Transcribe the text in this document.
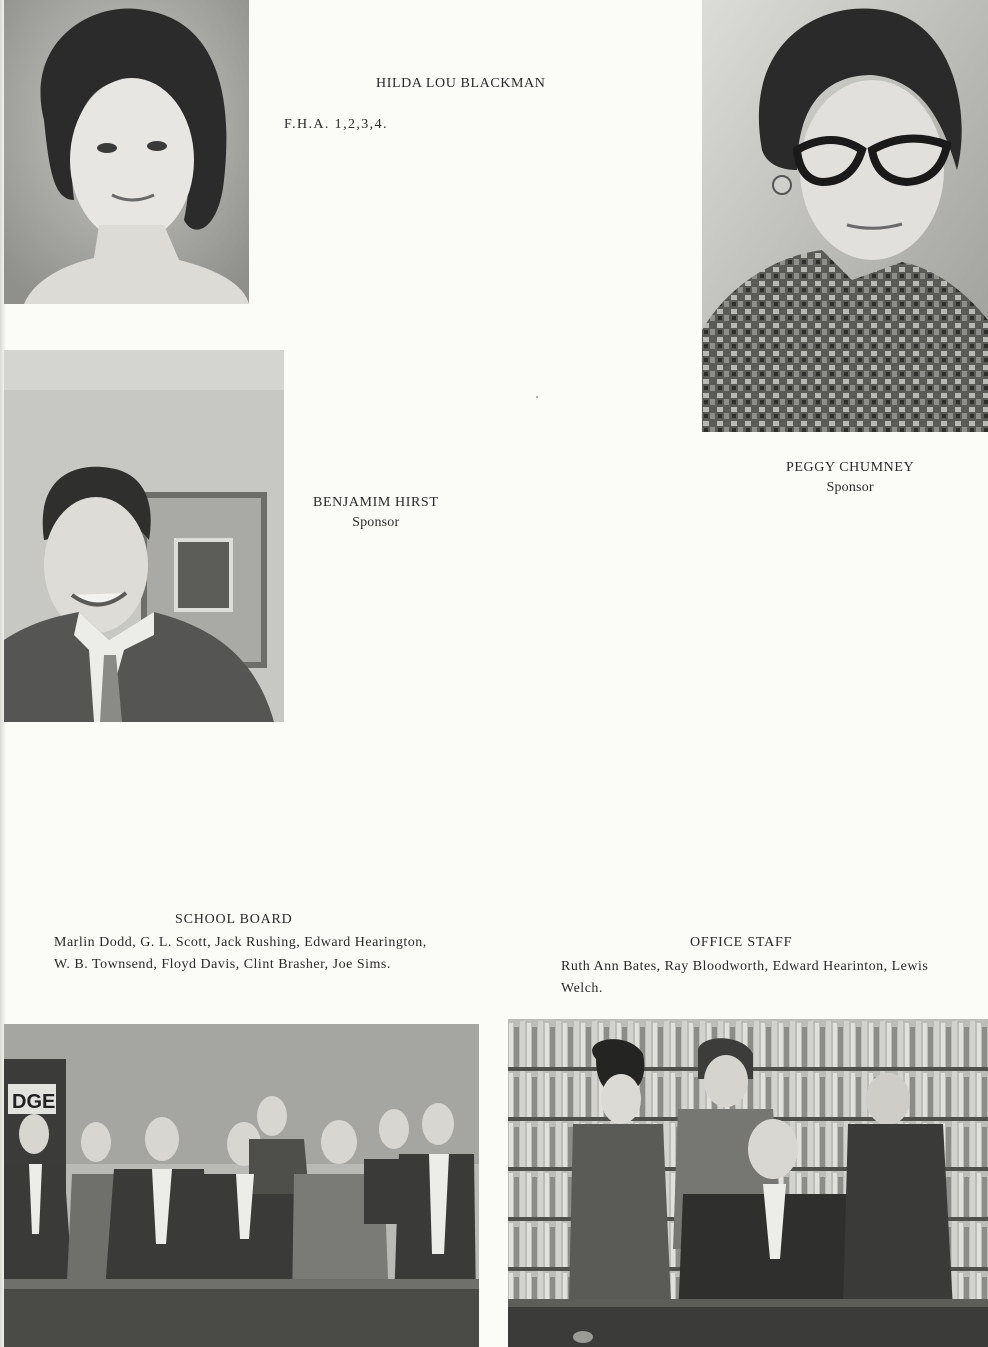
HILDA LOU BLACKMAN
F.H.A. 1,2,3,4.
PEGGY CHUMNEY
Sponsor
BENJAMIM HIRST
Sponsor
SCHOOL BOARD
Marlin Dodd, G. L. Scott, Jack Rushing, Edward Hearington, W. B. Townsend, Floyd Davis, Clint Brasher, Joe Sims.
OFFICE STAFF
Ruth Ann Bates, Ray Bloodworth, Edward Hearinton, Lewis Welch.
DGE
